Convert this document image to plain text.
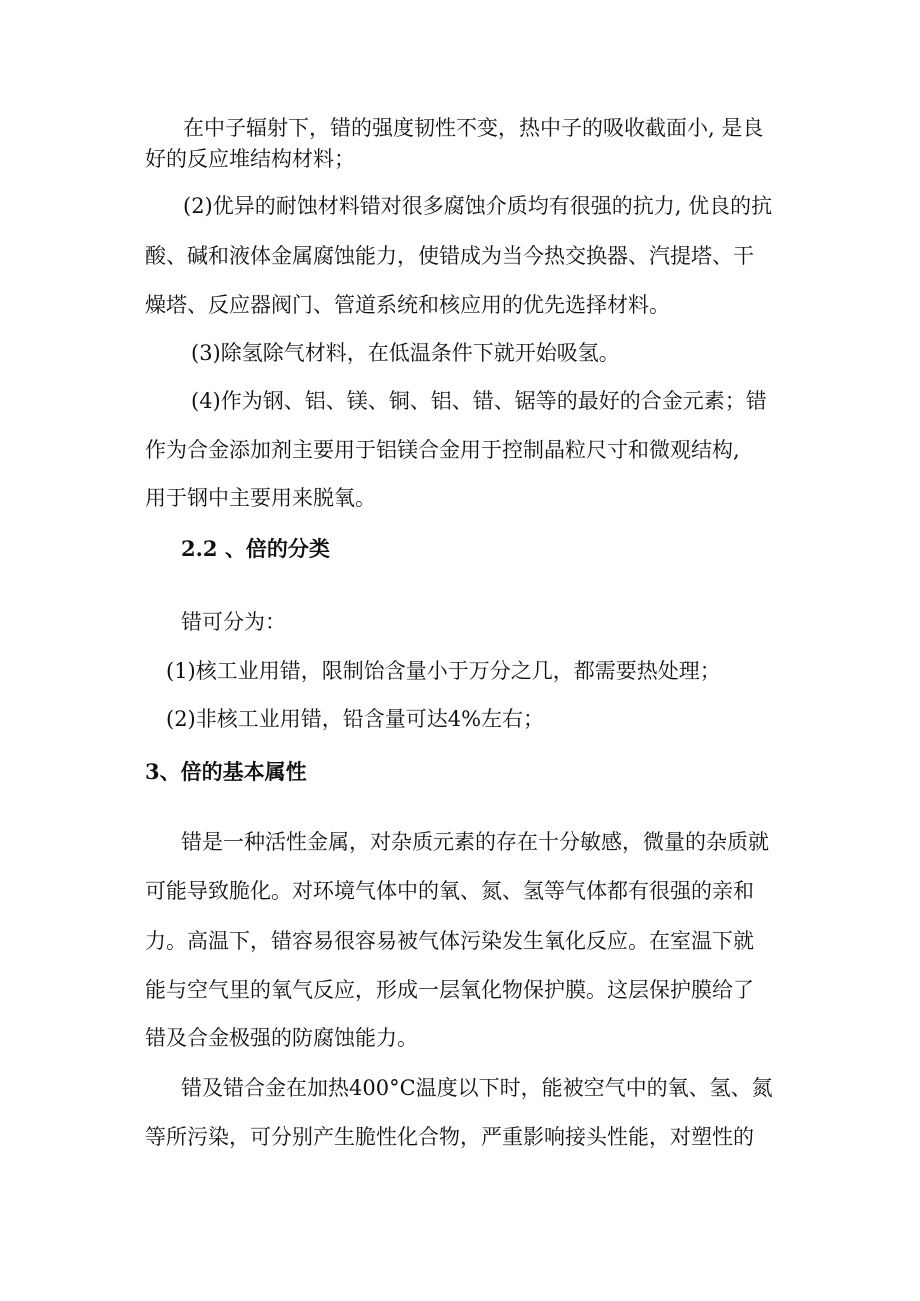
在中子辐射下，错的强度韧性不变，热中子的吸收截面小, 是良
好的反应堆结构材料；
(2)优异的耐蚀材料错对很多腐蚀介质均有很强的抗力, 优良的抗
酸、碱和液体金属腐蚀能力，使错成为当今热交换器、汽提塔、干
燥塔、反应器阀门、管道系统和核应用的优先选择材料。
(3)除氢除气材料，在低温条件下就开始吸氢。
(4)作为钢、铝、镁、铜、铝、错、锯等的最好的合金元素；错
作为合金添加剂主要用于铝镁合金用于控制晶粒尺寸和微观结构,
用于钢中主要用来脱氧。
2.2 、倍的分类
错可分为：
(1)核工业用错，限制饴含量小于万分之几，都需要热处理；
(2)非核工业用错，铅含量可达4%左右；
3、倍的基本属性
错是一种活性金属，对杂质元素的存在十分敏感，微量的杂质就
可能导致脆化。对环境气体中的氧、氮、氢等气体都有很强的亲和
力。高温下，错容易很容易被气体污染发生氧化反应。在室温下就
能与空气里的氧气反应，形成一层氧化物保护膜。这层保护膜给了
错及合金极强的防腐蚀能力。
错及错合金在加热400°C温度以下时，能被空气中的氧、氢、氮
等所污染，可分别产生脆性化合物，严重影响接头性能，对塑性的
